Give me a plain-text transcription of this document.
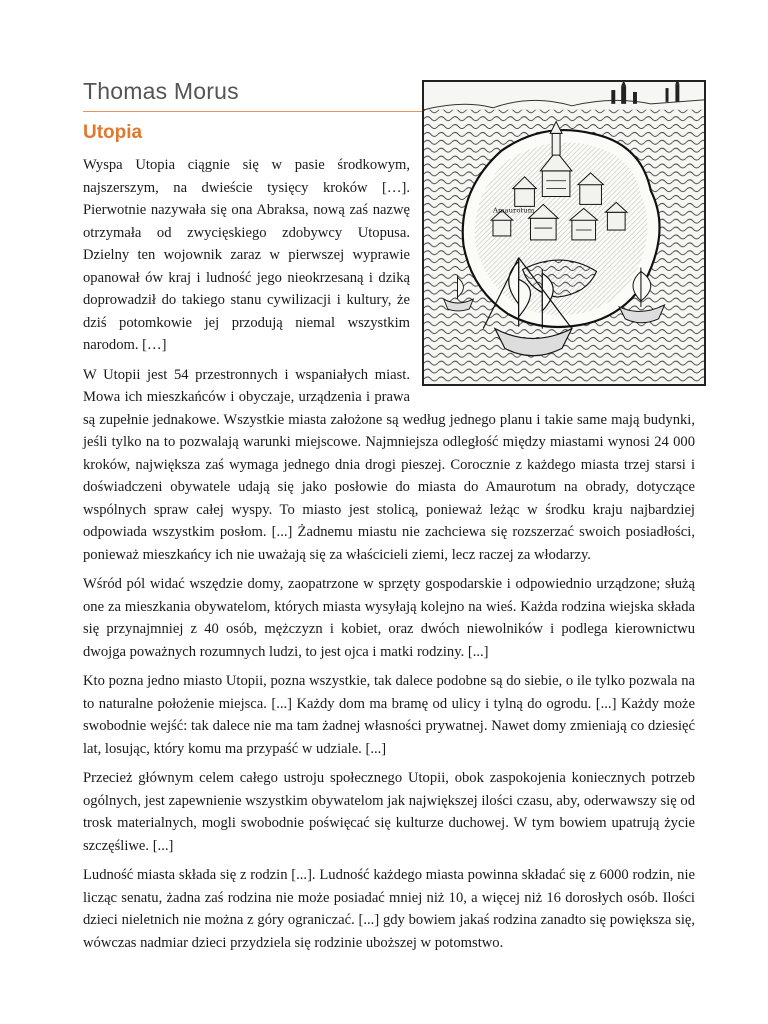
Thomas Morus
Utopia
Amaurotum

Wyspa Utopia ciągnie się w pasie środkowym, najszerszym, na dwieście tysięcy kroków […]. Pierwotnie nazywała się ona Abraksa, nową zaś nazwę otrzymała od zwycięskiego zdobywcy Utopusa. Dzielny ten wojownik zaraz w pierwszej wyprawie opanował ów kraj i ludność jego nieokrzesaną i dziką doprowadził do takiego stanu cywilizacji i kultury, że dziś potomkowie jej przodują niemal wszystkim narodom. […]

W Utopii jest 54 przestronnych i wspaniałych miast. Mowa ich mieszkańców i obyczaje, urządzenia i prawa są zupełnie jednakowe. Wszystkie miasta założone są według jednego planu i takie same mają budynki, jeśli tylko na to pozwalają warunki miejscowe. Najmniejsza odległość między miastami wynosi 24 000 kroków, największa zaś wymaga jednego dnia drogi pieszej. Corocznie z każdego miasta trzej starsi i doświadczeni obywatele udają się jako posłowie do miasta do Amaurotum na obrady, dotyczące wspólnych spraw całej wyspy. To miasto jest stolicą, ponieważ leżąc w środku kraju najbardziej odpowiada wszystkim posłom. [...] Żadnemu miastu nie zachciewa się rozszerzać swoich posiadłości, ponieważ mieszkańcy ich nie uważają się za właścicieli ziemi, lecz raczej za włodarzy.

Wśród pól widać wszędzie domy, zaopatrzone w sprzęty gospodarskie i odpowiednio urządzone; służą one za mieszkania obywatelom, których miasta wysyłają kolejno na wieś. Każda rodzina wiejska składa się przynajmniej z 40 osób, mężczyzn i kobiet, oraz dwóch niewolników i podlega kierownictwu dwojga poważnych rozumnych ludzi, to jest ojca i matki rodziny. [...]

Kto pozna jedno miasto Utopii, pozna wszystkie, tak dalece podobne są do siebie, o ile tylko pozwala na to naturalne położenie miejsca. [...] Każdy dom ma bramę od ulicy i tylną do ogrodu. [...] Każdy może swobodnie wejść: tak dalece nie ma tam żadnej własności prywatnej. Nawet domy zmieniają co dziesięć lat, losując, który komu ma przypaść w udziale. [...]

Przecież głównym celem całego ustroju społecznego Utopii, obok zaspokojenia koniecznych potrzeb ogólnych, jest zapewnienie wszystkim obywatelom jak największej ilości czasu, aby, oderwawszy się od trosk materialnych, mogli swobodnie poświęcać się kulturze duchowej. W tym bowiem upatrują życie szczęśliwe. [...]

Ludność miasta składa się z rodzin [...]. Ludność każdego miasta powinna składać się z 6000 rodzin, nie licząc senatu, żadna zaś rodzina nie może posiadać mniej niż 10, a więcej niż 16 dorosłych osób. Ilości dzieci nieletnich nie można z góry ograniczać. [...] gdy bowiem jakaś rodzina zanadto się powiększa się, wówczas nadmiar dzieci przydziela się rodzinie uboższej w potomstwo.
